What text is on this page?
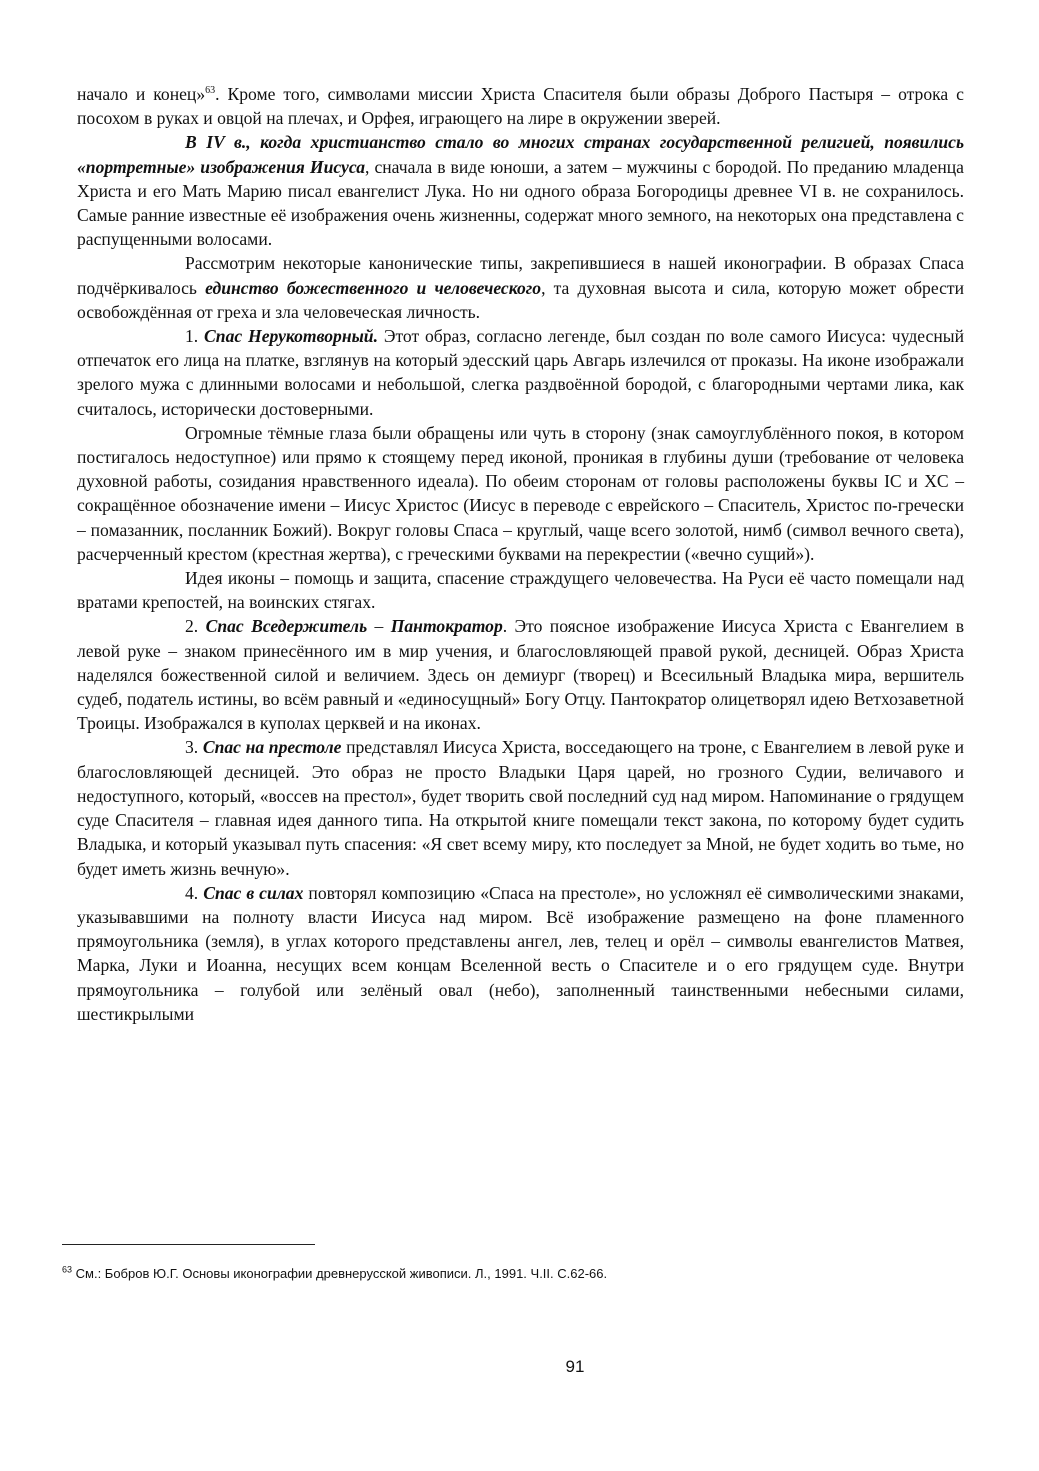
начало и конец»$^{63}$. Кроме того, символами миссии Христа Спасителя были образы Доброго Пастыря – отрока с посохом в руках и овцой на плечах, и Орфея, играющего на лире в окружении зверей.

В IV в., когда христианство стало во многих странах государственной религией, появились «портретные» изображения Иисуса, сначала в виде юноши, а затем – мужчины с бородой. По преданию младенца Христа и его Мать Марию писал евангелист Лука. Но ни одного образа Богородицы древнее VI в. не сохранилось. Самые ранние известные её изображения очень жизненны, содержат много земного, на некоторых она представлена с распущенными волосами.

Рассмотрим некоторые канонические типы, закрепившиеся в нашей иконографии. В образах Спаса подчёркивалось единство божественного и человеческого, та духовная высота и сила, которую может обрести освобождённая от греха и зла человеческая личность.

1. Спас Нерукотворный. Этот образ, согласно легенде, был создан по воле самого Иисуса: чудесный отпечаток его лица на платке, взглянув на который эдесский царь Авгарь излечился от проказы. На иконе изображали зрелого мужа с длинными волосами и небольшой, слегка раздвоённой бородой, с благородными чертами лика, как считалось, исторически достоверными.

Огромные тёмные глаза были обращены или чуть в сторону (знак самоуглублённого покоя, в котором постигалось недоступное) или прямо к стоящему перед иконой, проникая в глубины души (требование от человека духовной работы, созидания нравственного идеала). По обеим сторонам от головы расположены буквы IC и XC – сокращённое обозначение имени – Иисус Христос (Иисус в переводе с еврейского – Спаситель, Христос по-гречески – помазанник, посланник Божий). Вокруг головы Спаса – круглый, чаще всего золотой, нимб (символ вечного света), расчерченный крестом (крестная жертва), с греческими буквами на перекрестии («вечно сущий»).

Идея иконы – помощь и защита, спасение страждущего человечества. На Руси её часто помещали над вратами крепостей, на воинских стягах.

2. Спас Вседержитель – Пантократор. Это поясное изображение Иисуса Христа с Евангелием в левой руке – знаком принесённого им в мир учения, и благословляющей правой рукой, десницей. Образ Христа наделялся божественной силой и величием. Здесь он демиург (творец) и Всесильный Владыка мира, вершитель судеб, податель истины, во всём равный и «единосущный» Богу Отцу. Пантократор олицетворял идею Ветхозаветной Троицы. Изображался в куполах церквей и на иконах.

3. Спас на престоле представлял Иисуса Христа, восседающего на троне, с Евангелием в левой руке и благословляющей десницей. Это образ не просто Владыки Царя царей, но грозного Судии, величавого и недоступного, который, «воссев на престол», будет творить свой последний суд над миром. Напоминание о грядущем суде Спасителя – главная идея данного типа. На открытой книге помещали текст закона, по которому будет судить Владыка, и который указывал путь спасения: «Я свет всему миру, кто последует за Мной, не будет ходить во тьме, но будет иметь жизнь вечную».

4. Спас в силах повторял композицию «Спаса на престоле», но усложнял её символическими знаками, указывавшими на полноту власти Иисуса над миром. Всё изображение размещено на фоне пламенного прямоугольника (земля), в углах которого представлены ангел, лев, телец и орёл – символы евангелистов Матвея, Марка, Луки и Иоанна, несущих всем концам Вселенной весть о Спасителе и о его грядущем суде. Внутри прямоугольника – голубой или зелёный овал (небо), заполненный таинственными небесными силами, шестикрылыми

$^{63}$ См.: Бобров Ю.Г. Основы иконографии древнерусской живописи. Л., 1991. Ч.II. С.62-66.
91
